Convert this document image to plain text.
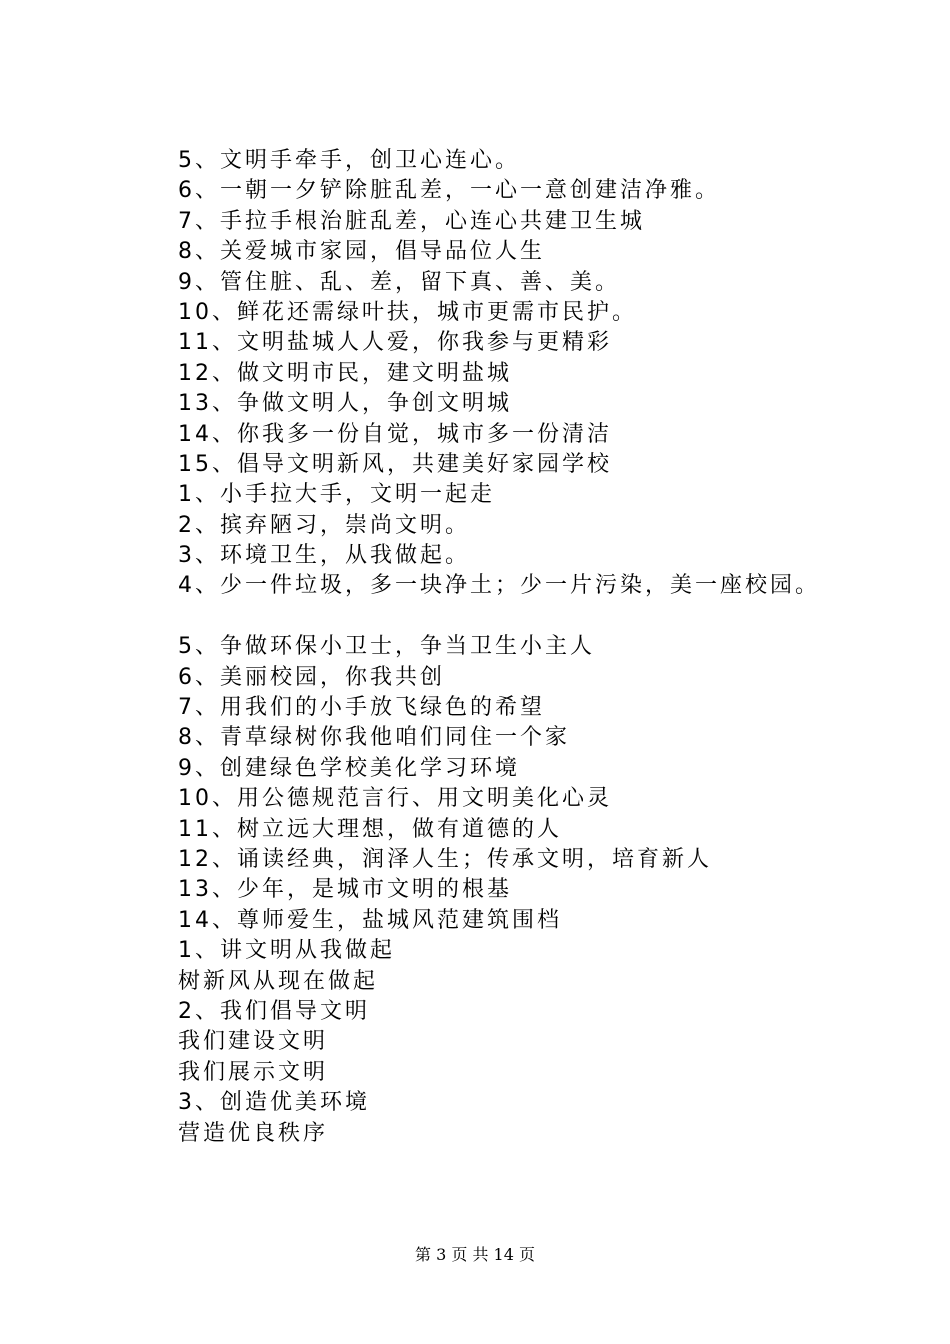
5、文明手牵手，创卫心连心。
6、一朝一夕铲除脏乱差，一心一意创建洁净雅。
7、手拉手根治脏乱差，心连心共建卫生城
8、关爱城市家园，倡导品位人生
9、管住脏、乱、差，留下真、善、美。
10、鲜花还需绿叶扶，城市更需市民护。
11、文明盐城人人爱，你我参与更精彩
12、做文明市民，建文明盐城
13、争做文明人，争创文明城
14、你我多一份自觉，城市多一份清洁
15、倡导文明新风，共建美好家园学校
1、小手拉大手，文明一起走
2、摈弃陋习，崇尚文明。
3、环境卫生，从我做起。
4、少一件垃圾，多一块净土；少一片污染，美一座校园。
5、争做环保小卫士，争当卫生小主人
6、美丽校园，你我共创
7、用我们的小手放飞绿色的希望
8、青草绿树你我他咱们同住一个家
9、创建绿色学校美化学习环境
10、用公德规范言行、用文明美化心灵
11、树立远大理想，做有道德的人
12、诵读经典，润泽人生；传承文明，培育新人
13、少年，是城市文明的根基
14、尊师爱生，盐城风范建筑围档
1、讲文明从我做起
树新风从现在做起
2、我们倡导文明
我们建设文明
我们展示文明
3、创造优美环境
营造优良秩序
第 3 页 共 14 页
